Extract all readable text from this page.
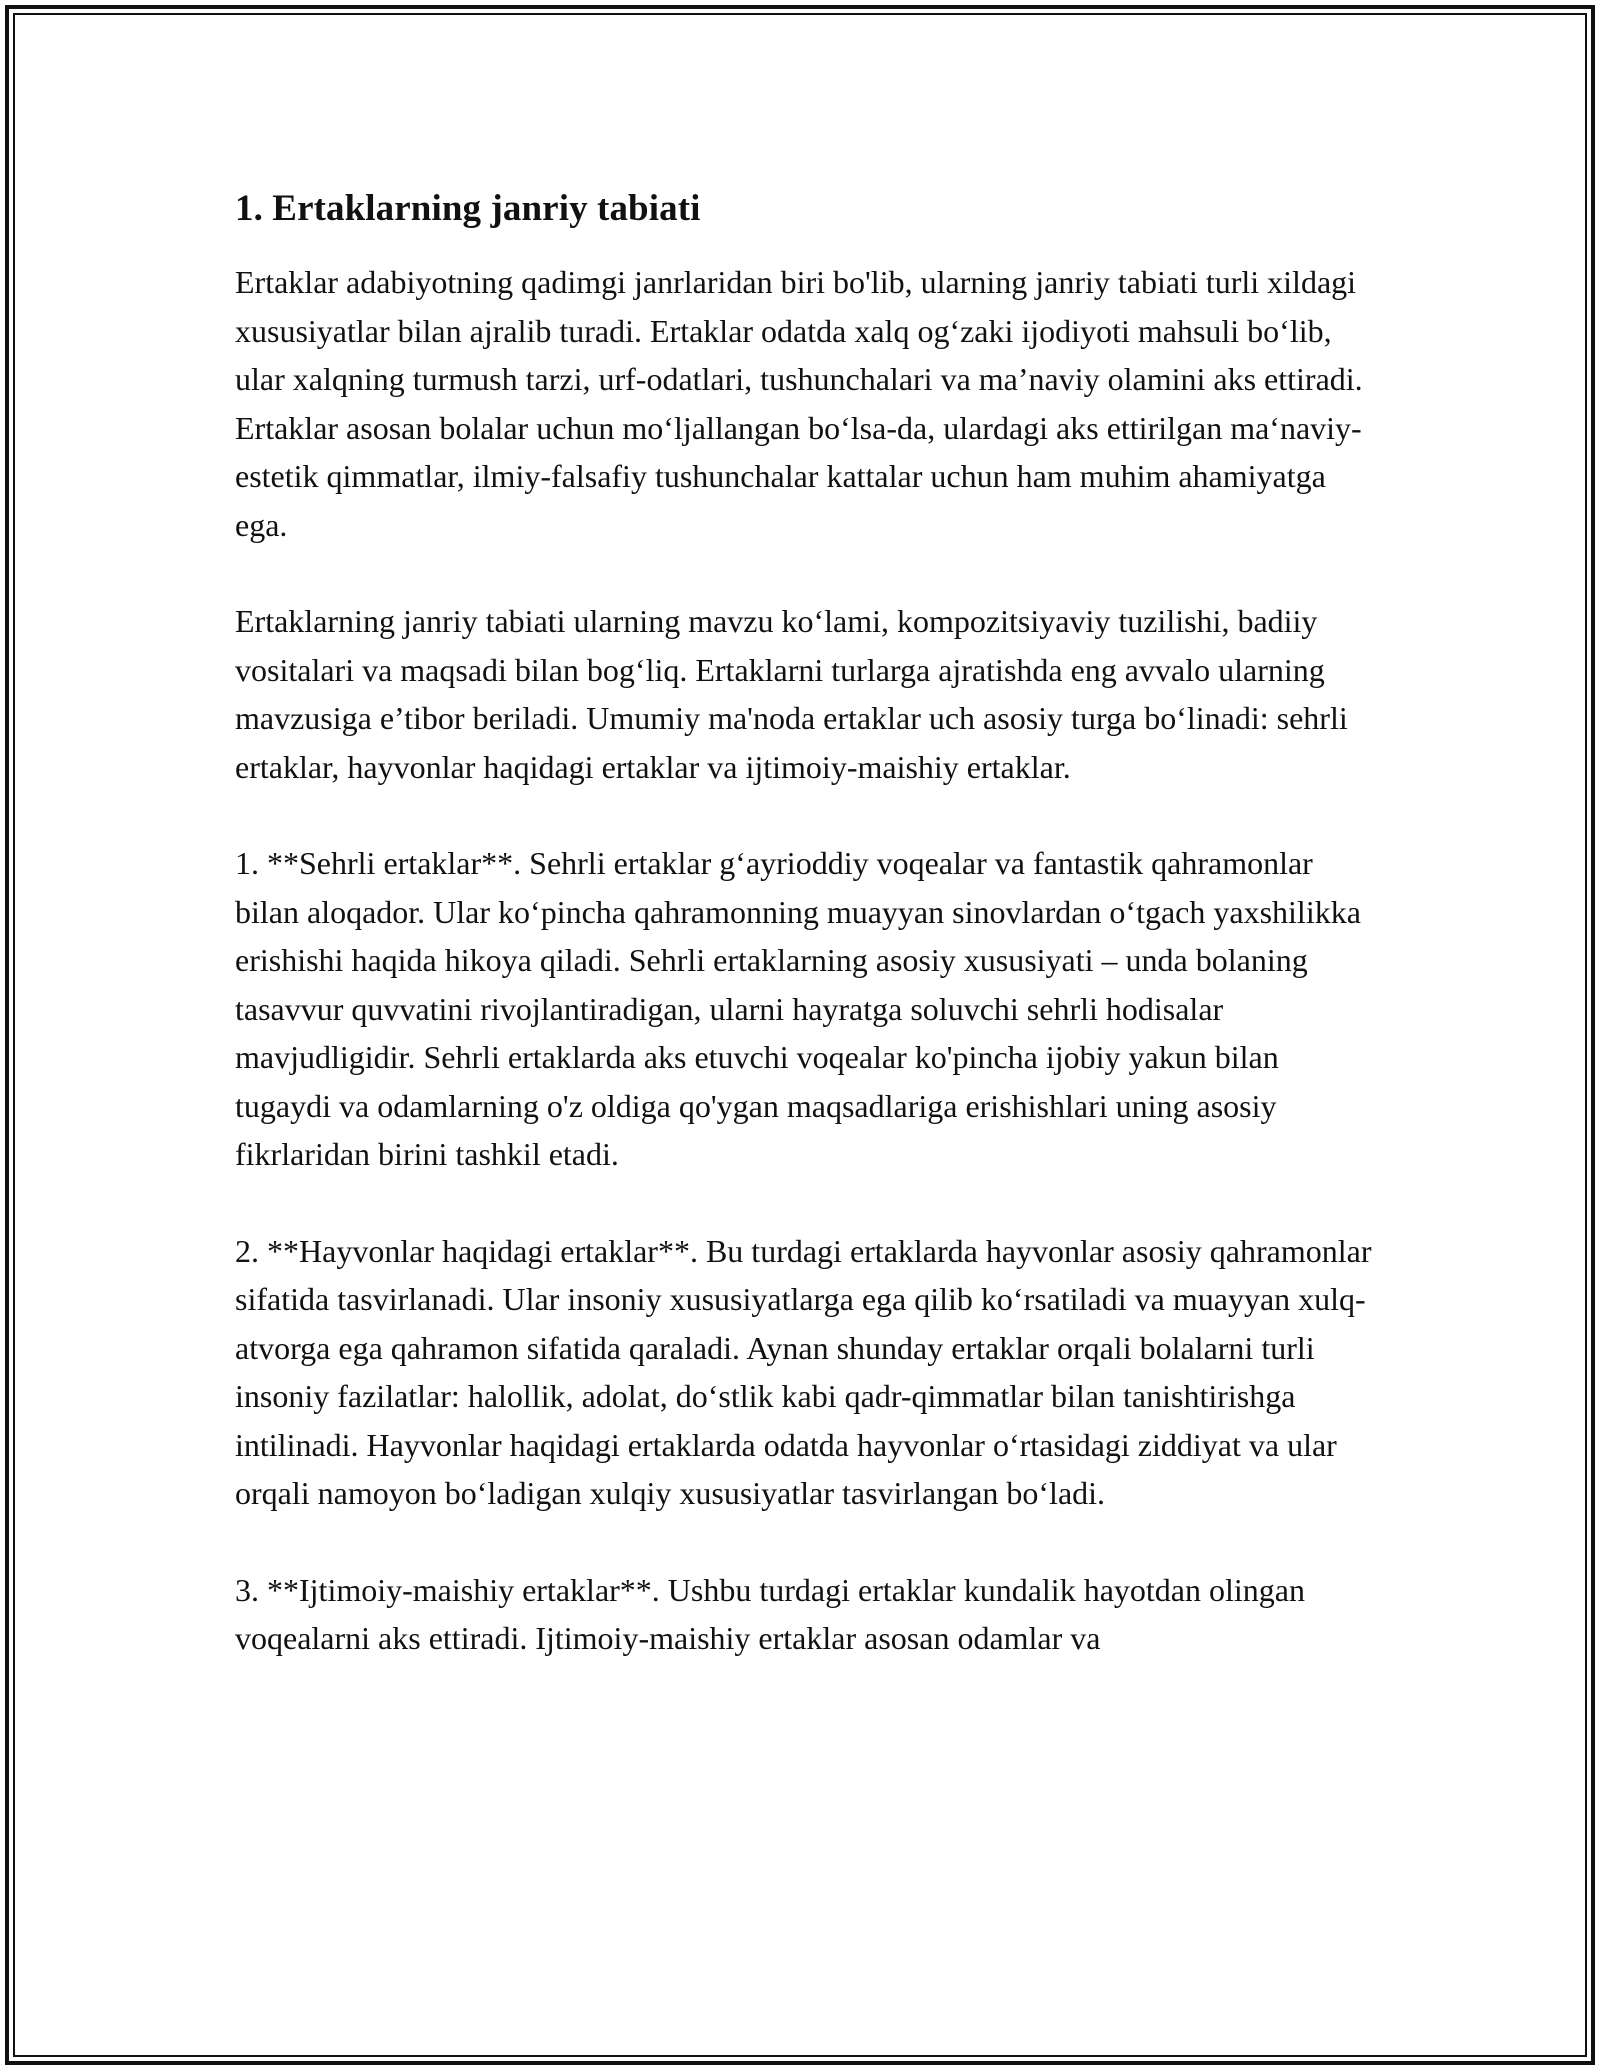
1. Ertaklarning janriy tabiati

Ertaklar adabiyotning qadimgi janrlaridan biri bo'lib, ularning janriy tabiati turli xildagi xususiyatlar bilan ajralib turadi. Ertaklar odatda xalq og‘zaki ijodiyoti mahsuli bo‘lib, ular xalqning turmush tarzi, urf-odatlari, tushunchalari va ma’naviy olamini aks ettiradi. Ertaklar asosan bolalar uchun mo‘ljallangan bo‘lsa-da, ulardagi aks ettirilgan ma‘naviy-estetik qimmatlar, ilmiy-falsafiy tushunchalar kattalar uchun ham muhim ahamiyatga ega.

Ertaklarning janriy tabiati ularning mavzu ko‘lami, kompozitsiyaviy tuzilishi, badiiy vositalari va maqsadi bilan bog‘liq. Ertaklarni turlarga ajratishda eng avvalo ularning mavzusiga e’tibor beriladi. Umumiy ma'noda ertaklar uch asosiy turga bo‘linadi: sehrli ertaklar, hayvonlar haqidagi ertaklar va ijtimoiy-maishiy ertaklar.

1. **Sehrli ertaklar**. Sehrli ertaklar g‘ayrioddiy voqealar va fantastik qahramonlar bilan aloqador. Ular ko‘pincha qahramonning muayyan sinovlardan o‘tgach yaxshilikka erishishi haqida hikoya qiladi. Sehrli ertaklarning asosiy xususiyati – unda bolaning tasavvur quvvatini rivojlantiradigan, ularni hayratga soluvchi sehrli hodisalar mavjudligidir. Sehrli ertaklarda aks etuvchi voqealar ko'pincha ijobiy yakun bilan tugaydi va odamlarning o'z oldiga qo'ygan maqsadlariga erishishlari uning asosiy fikrlaridan birini tashkil etadi.

2. **Hayvonlar haqidagi ertaklar**. Bu turdagi ertaklarda hayvonlar asosiy qahramonlar sifatida tasvirlanadi. Ular insoniy xususiyatlarga ega qilib ko‘rsatiladi va muayyan xulq-atvorga ega qahramon sifatida qaraladi. Aynan shunday ertaklar orqali bolalarni turli insoniy fazilatlar: halollik, adolat, do‘stlik kabi qadr-qimmatlar bilan tanishtirishga intilinadi. Hayvonlar haqidagi ertaklarda odatda hayvonlar o‘rtasidagi ziddiyat va ular orqali namoyon bo‘ladigan xulqiy xususiyatlar tasvirlangan bo‘ladi.

3. **Ijtimoiy-maishiy ertaklar**. Ushbu turdagi ertaklar kundalik hayotdan olingan voqealarni aks ettiradi. Ijtimoiy-maishiy ertaklar asosan odamlar va
